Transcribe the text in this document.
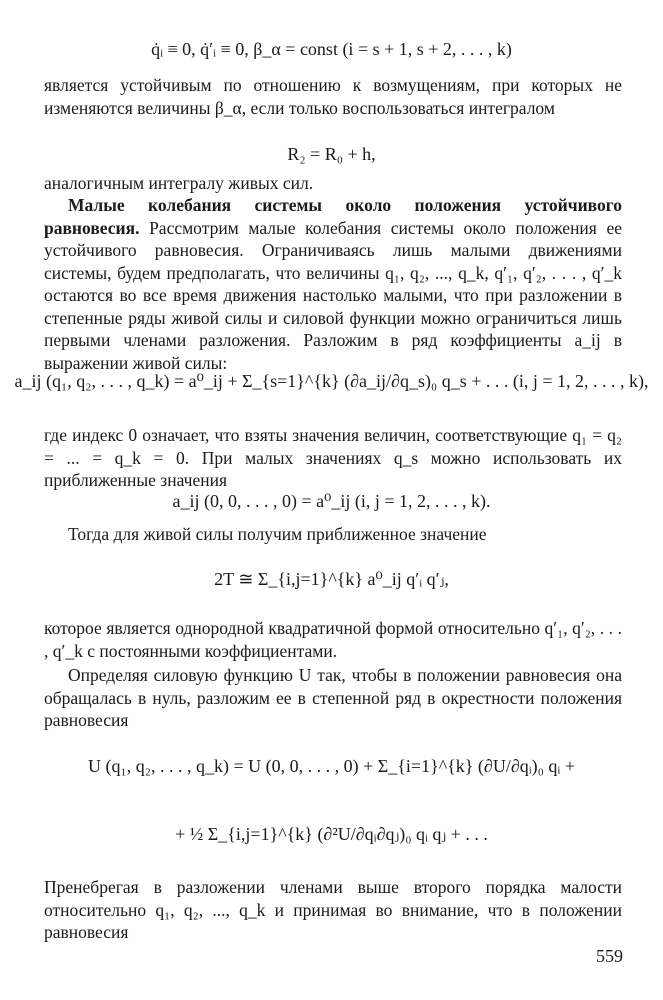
q̇ᵢ ≡ 0, q̇′ᵢ ≡ 0, β_α = const (i = s + 1, s + 2, . . . , k)

является устойчивым по отношению к возмущениям, при которых не изменяются величины β_α, если только воспользоваться интегралом

R₂ = R₀ + h,

аналогичным интегралу живых сил.

Малые колебания системы около положения устойчивого равновесия. Рассмотрим малые колебания системы около положения ее устойчивого равновесия. Ограничиваясь лишь малыми движениями системы, будем предполагать, что величины q₁, q₂, ..., q_k, q′₁, q′₂, . . . , q′_k остаются во все время движения настолько малыми, что при разложении в степенные ряды живой силы и силовой функции можно ограничиться лишь первыми членами разложения. Разложим в ряд коэффициенты a_ij в выражении живой силы:

a_ij (q₁, q₂, . . . , q_k) = a⁰_ij + Σ_{s=1}^{k} (∂a_ij/∂q_s)₀ q_s + . . . (i, j = 1, 2, . . . , k),

где индекс 0 означает, что взяты значения величин, соответствующие q₁ = q₂ = ... = q_k = 0. При малых значениях q_s можно использовать их приближенные значения

a_ij (0, 0, . . . , 0) = a⁰_ij (i, j = 1, 2, . . . , k).

Тогда для живой силы получим приближенное значение

2T ≅ Σ_{i,j=1}^{k} a⁰_ij q′ᵢ q′ⱼ,

которое является однородной квадратичной формой относительно q′₁, q′₂, . . . , q′_k с постоянными коэффициентами.

Определяя силовую функцию U так, чтобы в положении равновесия она обращалась в нуль, разложим ее в степенной ряд в окрестности положения равновесия

U (q₁, q₂, . . . , q_k) = U (0, 0, . . . , 0) + Σ_{i=1}^{k} (∂U/∂qᵢ)₀ qᵢ +
+ ½ Σ_{i,j=1}^{k} (∂²U/∂qᵢ∂qⱼ)₀ qᵢ qⱼ + . . .

Пренебрегая в разложении членами выше второго порядка малости относительно q₁, q₂, ..., q_k и принимая во внимание, что в положении равновесия

559
